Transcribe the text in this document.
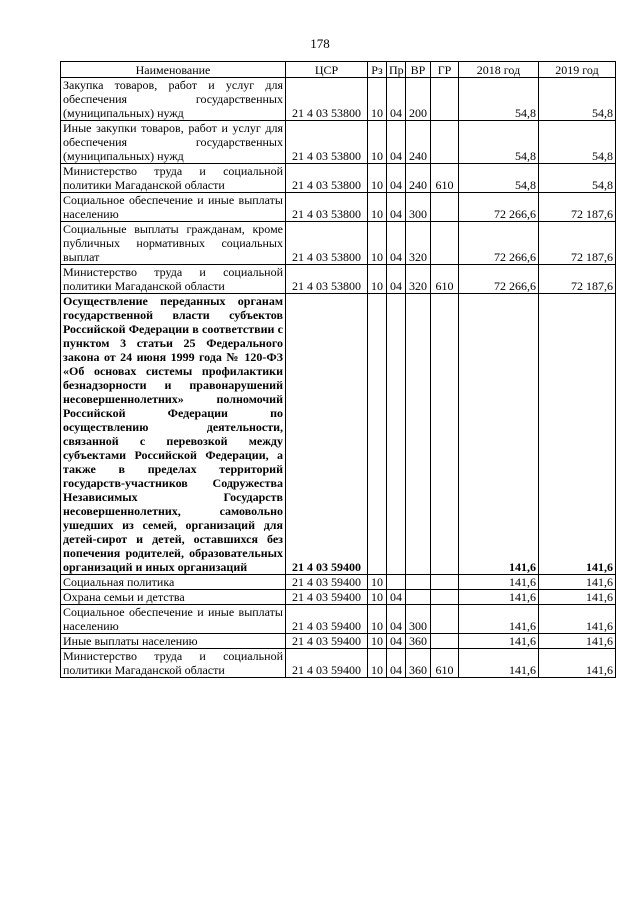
178
Наименование	ЦСР	Рз	Пр	ВР	ГР	2018 год	2019 год
Закупка товаров, работ и услуг для обеспечения государственных (муниципальных) нужд	21 4 03 53800	10	04	200		54,8	54,8
Иные закупки товаров, работ и услуг для обеспечения государственных (муниципальных) нужд	21 4 03 53800	10	04	240		54,8	54,8
Министерство труда и социальной политики Магаданской области	21 4 03 53800	10	04	240	610	54,8	54,8
Социальное обеспечение и иные выплаты населению	21 4 03 53800	10	04	300		72 266,6	72 187,6
Социальные выплаты гражданам, кроме публичных нормативных социальных выплат	21 4 03 53800	10	04	320		72 266,6	72 187,6
Министерство труда и социальной политики Магаданской области	21 4 03 53800	10	04	320	610	72 266,6	72 187,6
Осуществление переданных органам государственной власти субъектов Российской Федерации в соответствии с пунктом 3 статьи 25 Федерального закона от 24 июня 1999 года № 120-ФЗ «Об основах системы профилактики безнадзорности и правонарушений несовершеннолетних» полномочий Российской Федерации по осуществлению деятельности, связанной с перевозкой между субъектами Российской Федерации, а также в пределах территорий государств-участников Содружества Независимых Государств несовершеннолетних, самовольно ушедших из семей, организаций для детей-сирот и детей, оставшихся без попечения родителей, образовательных организаций и иных организаций	21 4 03 59400					141,6	141,6
Социальная политика	21 4 03 59400	10				141,6	141,6
Охрана семьи и детства	21 4 03 59400	10	04			141,6	141,6
Социальное обеспечение и иные выплаты населению	21 4 03 59400	10	04	300		141,6	141,6
Иные выплаты населению	21 4 03 59400	10	04	360		141,6	141,6
Министерство труда и социальной политики Магаданской области	21 4 03 59400	10	04	360	610	141,6	141,6
